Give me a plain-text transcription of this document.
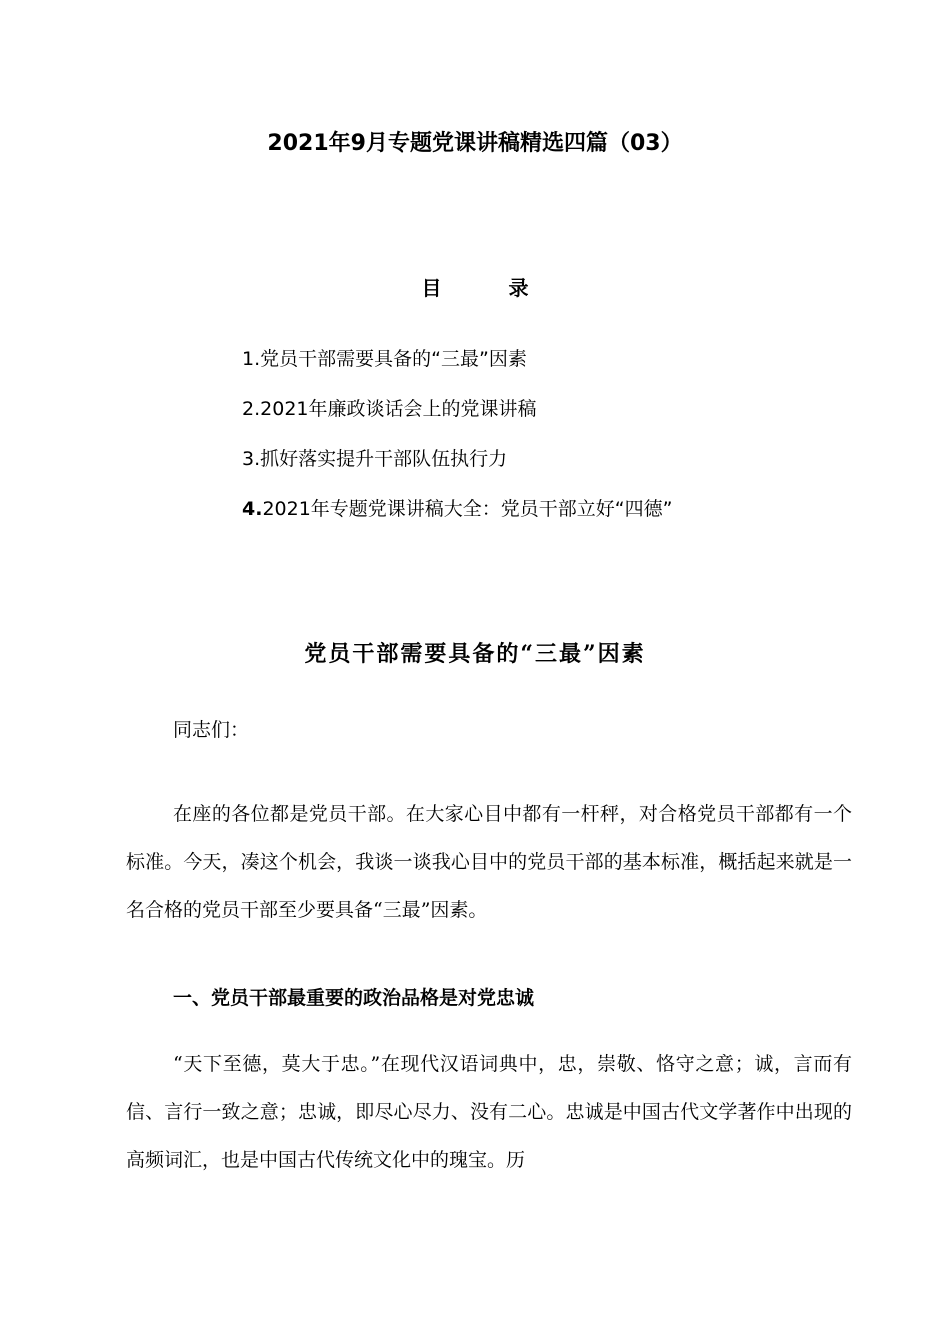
2021年9月专题党课讲稿精选四篇（03）
目 录
1.党员干部需要具备的“三最”因素
2.2021年廉政谈话会上的党课讲稿
3.抓好落实提升干部队伍执行力
4.2021年专题党课讲稿大全：党员干部立好“四德”
党员干部需要具备的“三最”因素
同志们：
在座的各位都是党员干部。在大家心目中都有一杆秤，对合格党员干部都有一个标准。今天，凑这个机会，我谈一谈我心目中的党员干部的基本标准，概括起来就是一名合格的党员干部至少要具备“三最”因素。
一、党员干部最重要的政治品格是对党忠诚
“天下至德，莫大于忠。”在现代汉语词典中，忠，崇敬、恪守之意；诚，言而有信、言行一致之意；忠诚，即尽心尽力、没有二心。忠诚是中国古代文学著作中出现的高频词汇，也是中国古代传统文化中的瑰宝。历
